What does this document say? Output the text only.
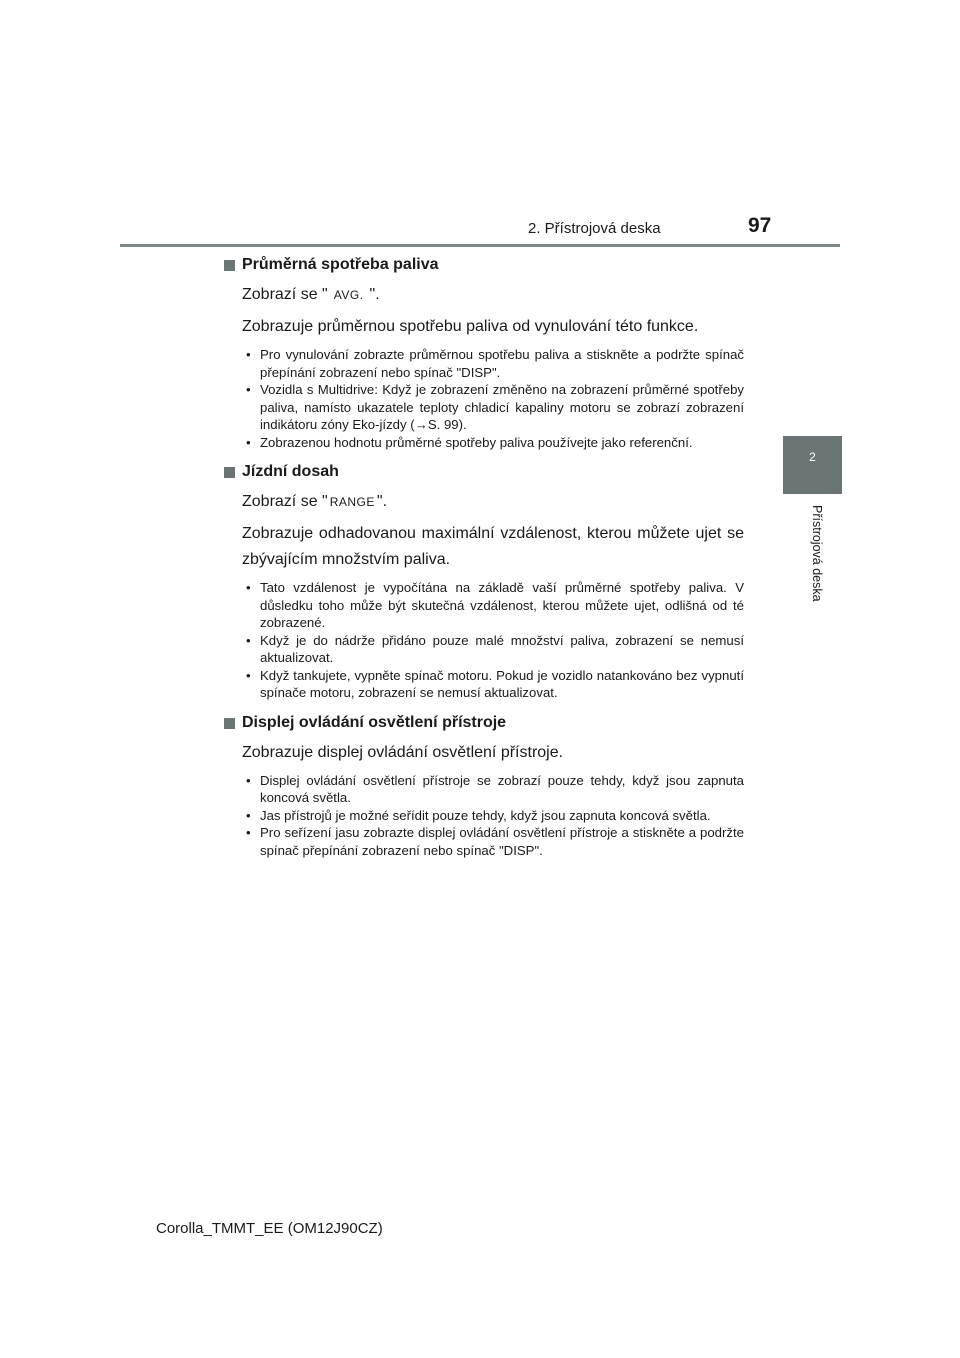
2. Přístrojová deska	97
2
Přístrojová deska
Průměrná spotřeba paliva

Zobrazí se " AVG. ".

Zobrazuje průměrnou spotřebu paliva od vynulování této funkce.

• Pro vynulování zobrazte průměrnou spotřebu paliva a stiskněte a podržte spínač přepínání zobrazení nebo spínač "DISP".
• Vozidla s Multidrive: Když je zobrazení změněno na zobrazení průměrné spotřeby paliva, namísto ukazatele teploty chladicí kapaliny motoru se zobrazí zobrazení indikátoru zóny Eko-jízdy (→S. 99).
• Zobrazenou hodnotu průměrné spotřeby paliva používejte jako referenční.
Jízdní dosah

Zobrazí se " RANGE ".

Zobrazuje odhadovanou maximální vzdálenost, kterou můžete ujet se zbývajícím množstvím paliva.

• Tato vzdálenost je vypočítána na základě vaší průměrné spotřeby paliva. V důsledku toho může být skutečná vzdálenost, kterou můžete ujet, odlišná od té zobrazené.
• Když je do nádrže přidáno pouze malé množství paliva, zobrazení se nemusí aktualizovat.
• Když tankujete, vypněte spínač motoru. Pokud je vozidlo natankováno bez vypnutí spínače motoru, zobrazení se nemusí aktualizovat.
Displej ovládání osvětlení přístroje

Zobrazuje displej ovládání osvětlení přístroje.

• Displej ovládání osvětlení přístroje se zobrazí pouze tehdy, když jsou zapnuta koncová světla.
• Jas přístrojů je možné seřídit pouze tehdy, když jsou zapnuta koncová světla.
• Pro seřízení jasu zobrazte displej ovládání osvětlení přístroje a stiskněte a podržte spínač přepínání zobrazení nebo spínač "DISP".
Corolla_TMMT_EE (OM12J90CZ)
